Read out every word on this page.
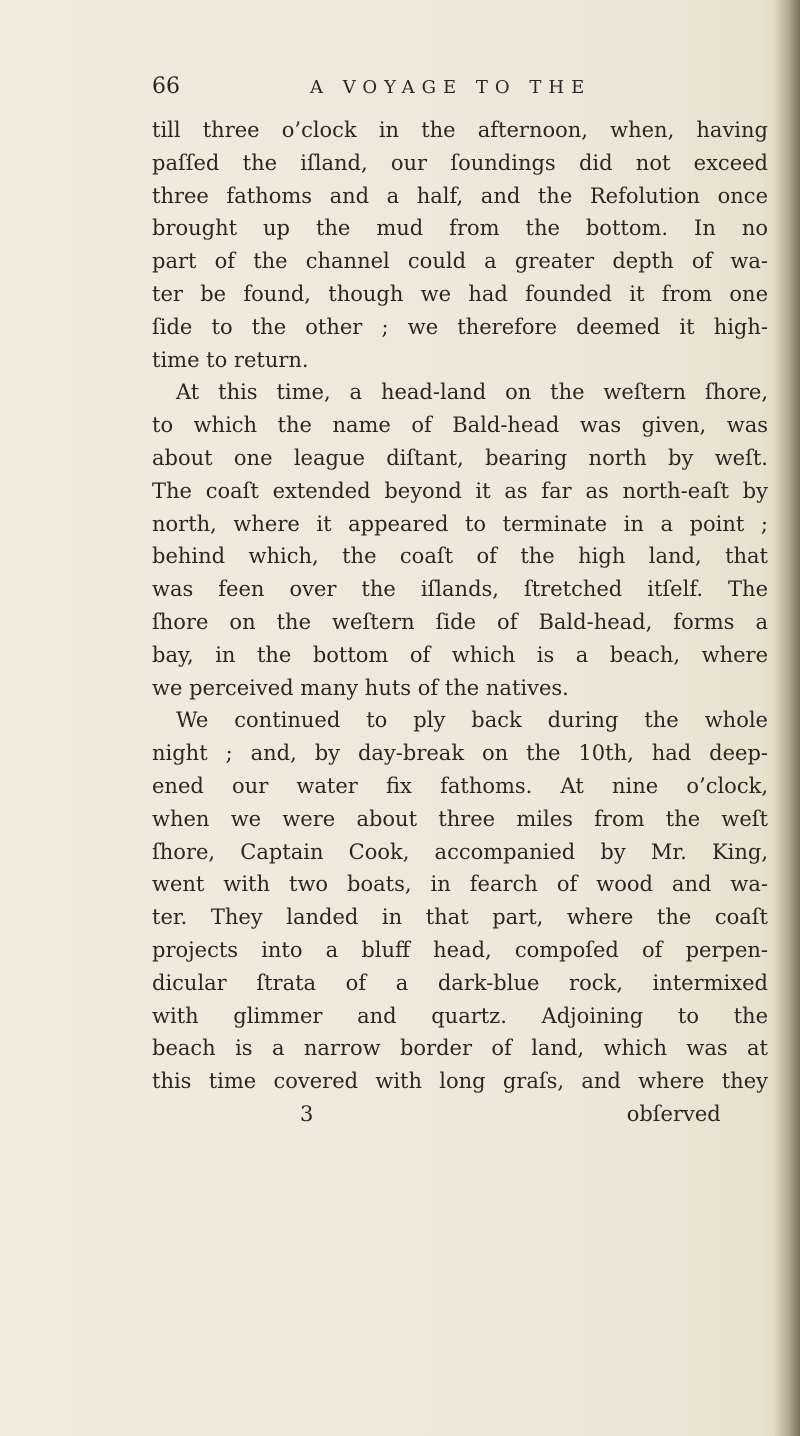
66	A VOYAGE TO THE
till three o’clock in the afternoon, when, having
paſſed the iſland, our ſoundings did not exceed
three fathoms and a half, and the Refolution once
brought up the mud from the bottom. In no
part of the channel could a greater depth of wa-
ter be found, though we had founded it from one
ſide to the other ; we therefore deemed it high-
time to return.
At this time, a head-land on the weſtern ſhore,
to which the name of Bald-head was given, was
about one league diſtant, bearing north by weſt.
The coaſt extended beyond it as far as north-eaſt by
north, where it appeared to terminate in a point ;
behind which, the coaſt of the high land, that
was feen over the iſlands, ſtretched itſelf. The
ſhore on the weſtern ſide of Bald-head, forms a
bay, in the bottom of which is a beach, where
we perceived many huts of the natives.
We continued to ply back during the whole
night ; and, by day-break on the 10th, had deep-
ened our water fix fathoms. At nine o’clock,
when we were about three miles from the weſt
ſhore, Captain Cook, accompanied by Mr. King,
went with two boats, in fearch of wood and wa-
ter. They landed in that part, where the coaſt
projects into a bluff head, compoſed of perpen-
dicular ſtrata of a dark-blue rock, intermixed
with glimmer and quartz. Adjoining to the
beach is a narrow border of land, which was at
this time covered with long graſs, and where they
3	obſerved
